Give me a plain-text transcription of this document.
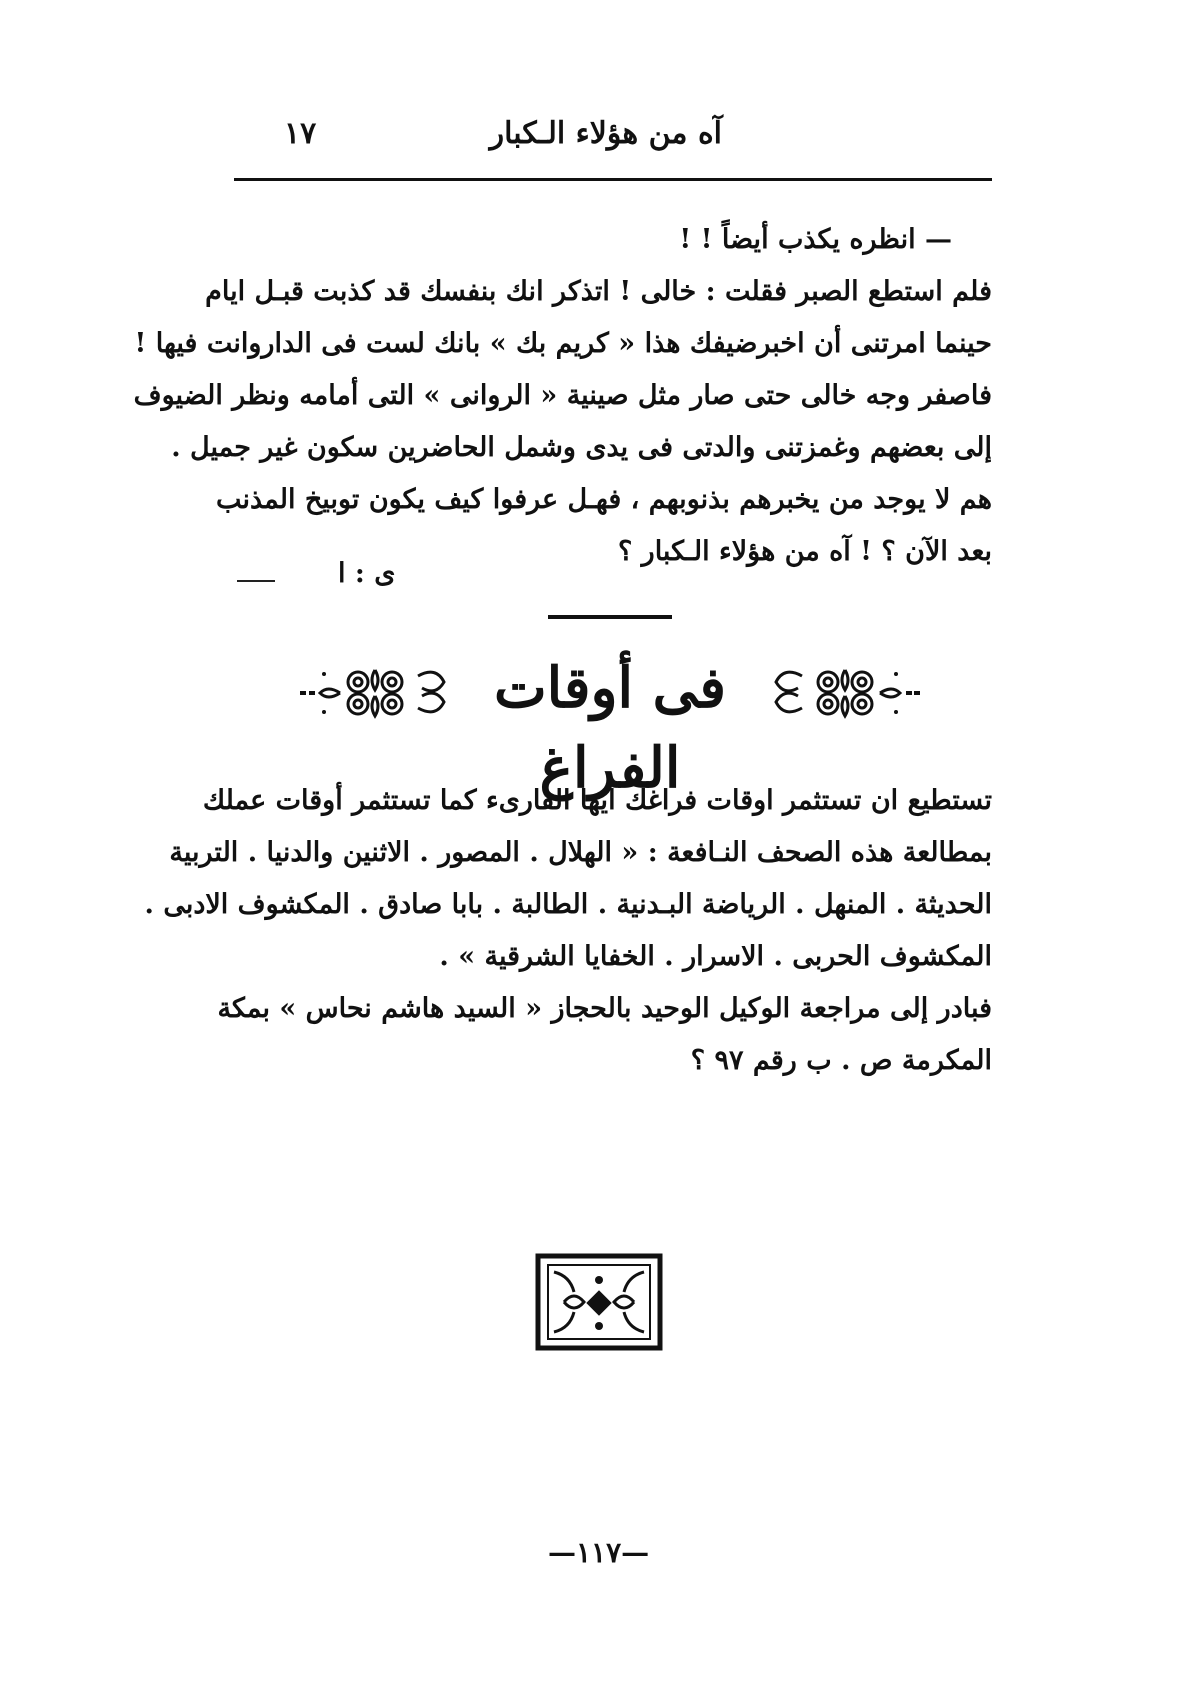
آه من هؤلاء الـكبار
١٧
— انظره يكذب أيضاً ! !
فلم استطع الصبر فقلت : خالى ! اتذكر انك بنفسك قد كذبت قبـل ايام
حينما امرتنى أن اخبرضيفك هذا « كريم بك » بانك لست فى الداروانت فيها !
فاصفر وجه خالى حتى صار مثل صينية « الروانى » التى أمامه ونظر الضيوف
إلى بعضهم وغمزتنى والدتى فى يدى وشمل الحاضرين سكون غير جميل .
هم لا يوجد من يخبرهم بذنوبهم ، فهـل عرفوا كيف يكون توبيخ المذنب
بعد الآن ؟ ! آه من هؤلاء الـكبار ؟
ى : ا
فى أوقات الفراغ
تستطيع ان تستثمر اوقات فراغك ايها القارىء كما تستثمر أوقات عملك
بمطالعة هذه الصحف النـافعة : « الهلال . المصور . الاثنين والدنيا . التربية
الحديثة . المنهل . الرياضة البـدنية . الطالبة . بابا صادق . المكشوف الادبى .
المكشوف الحربى . الاسرار . الخفايا الشرقية » .
فبادر إلى مراجعة الوكيل الوحيد بالحجاز « السيد هاشم نحاس » بمكة
المكرمة ص . ب رقم ٩٧ ؟
—١١٧—
